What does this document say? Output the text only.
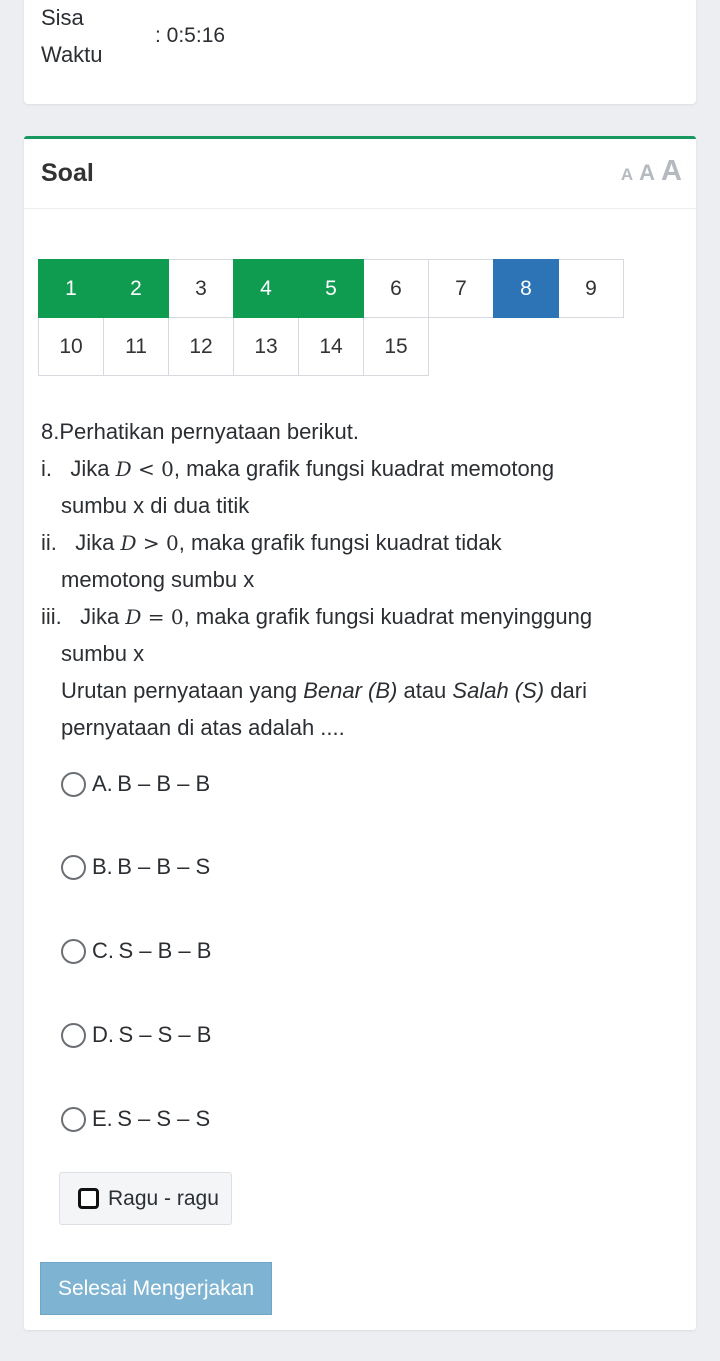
Sisa
Waktu
: 0:5:16
Soal	A A A
1	2	3	4	5	6	7	8	9
10	11	12	13	14	15
8.Perhatikan pernyataan berikut.
i. Jika D < 0, maka grafik fungsi kuadrat memotong
sumbu x di dua titik
ii. Jika D > 0, maka grafik fungsi kuadrat tidak
memotong sumbu x
iii. Jika D = 0, maka grafik fungsi kuadrat menyinggung
sumbu x
Urutan pernyataan yang Benar (B) atau Salah (S) dari
pernyataan di atas adalah ....
A.
B – B – B
B.
B – B – S
C.
S – B – B
D.
S – S – B
E.
S – S – S
Ragu - ragu
Selesai Mengerjakan
